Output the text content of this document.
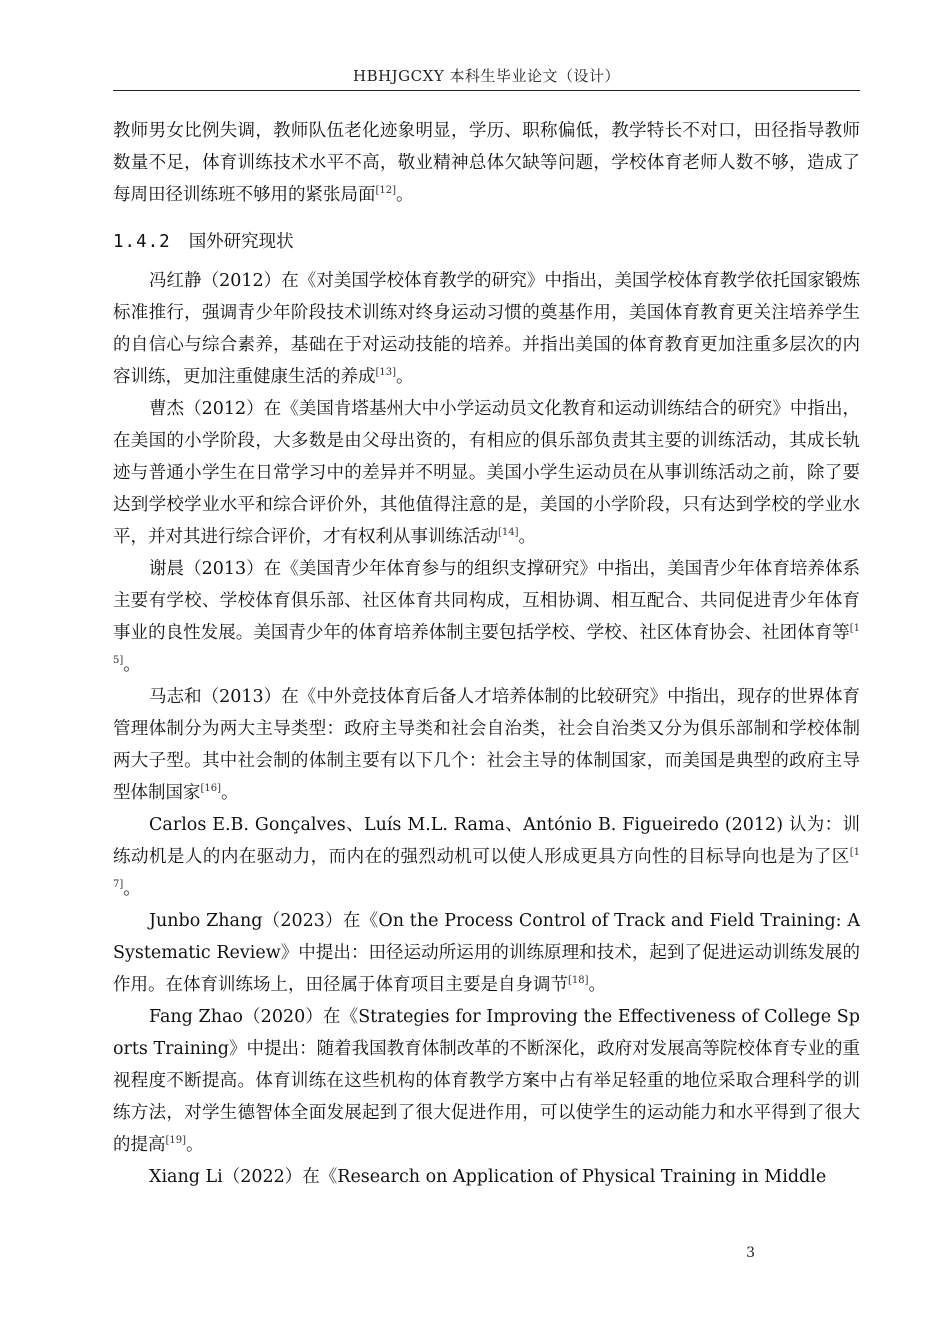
HBHJGCXY 本科生毕业论文（设计）

教师男女比例失调，教师队伍老化迹象明显，学历、职称偏低，教学特长不对口，田径指导教师数量不足，体育训练技术水平不高，敬业精神总体欠缺等问题，学校体育老师人数不够，造成了每周田径训练班不够用的紧张局面[12]。

1.4.2 国外研究现状

冯红静（2012）在《对美国学校体育教学的研究》中指出，美国学校体育教学依托国家锻炼标准推行，强调青少年阶段技术训练对终身运动习惯的奠基作用，美国体育教育更关注培养学生的自信心与综合素养，基础在于对运动技能的培养。并指出美国的体育教育更加注重多层次的内容训练，更加注重健康生活的养成[13]。

曹杰（2012）在《美国肯塔基州大中小学运动员文化教育和运动训练结合的研究》中指出，在美国的小学阶段，大多数是由父母出资的，有相应的俱乐部负责其主要的训练活动，其成长轨迹与普通小学生在日常学习中的差异并不明显。美国小学生运动员在从事训练活动之前，除了要达到学校学业水平和综合评价外，其他值得注意的是，美国的小学阶段，只有达到学校的学业水平，并对其进行综合评价，才有权利从事训练活动[14]。

谢晨（2013）在《美国青少年体育参与的组织支撑研究》中指出，美国青少年体育培养体系主要有学校、学校体育俱乐部、社区体育共同构成，互相协调、相互配合、共同促进青少年体育事业的良性发展。美国青少年的体育培养体制主要包括学校、学校、社区体育协会、社团体育等[15]。

马志和（2013）在《中外竞技体育后备人才培养体制的比较研究》中指出，现存的世界体育管理体制分为两大主导类型：政府主导类和社会自治类，社会自治类又分为俱乐部制和学校体制两大子型。其中社会制的体制主要有以下几个：社会主导的体制国家，而美国是典型的政府主导型体制国家[16]。

Carlos E.B. Gonçalves、Luís M.L. Rama、António B. Figueiredo (2012) 认为：训练动机是人的内在驱动力，而内在的强烈动机可以使人形成更具方向性的目标导向也是为了区[17]。

Junbo Zhang（2023）在《On the Process Control of Track and Field Training: A Systematic Review》中提出：田径运动所运用的训练原理和技术，起到了促进运动训练发展的作用。在体育训练场上，田径属于体育项目主要是自身调节[18]。

Fang Zhao（2020）在《Strategies for Improving the Effectiveness of College Sports Training》中提出：随着我国教育体制改革的不断深化，政府对发展高等院校体育专业的重视程度不断提高。体育训练在这些机构的体育教学方案中占有举足轻重的地位采取合理科学的训练方法，对学生德智体全面发展起到了很大促进作用，可以使学生的运动能力和水平得到了很大的提高[19]。

Xiang Li（2022）在《Research on Application of Physical Training in Middle

3
